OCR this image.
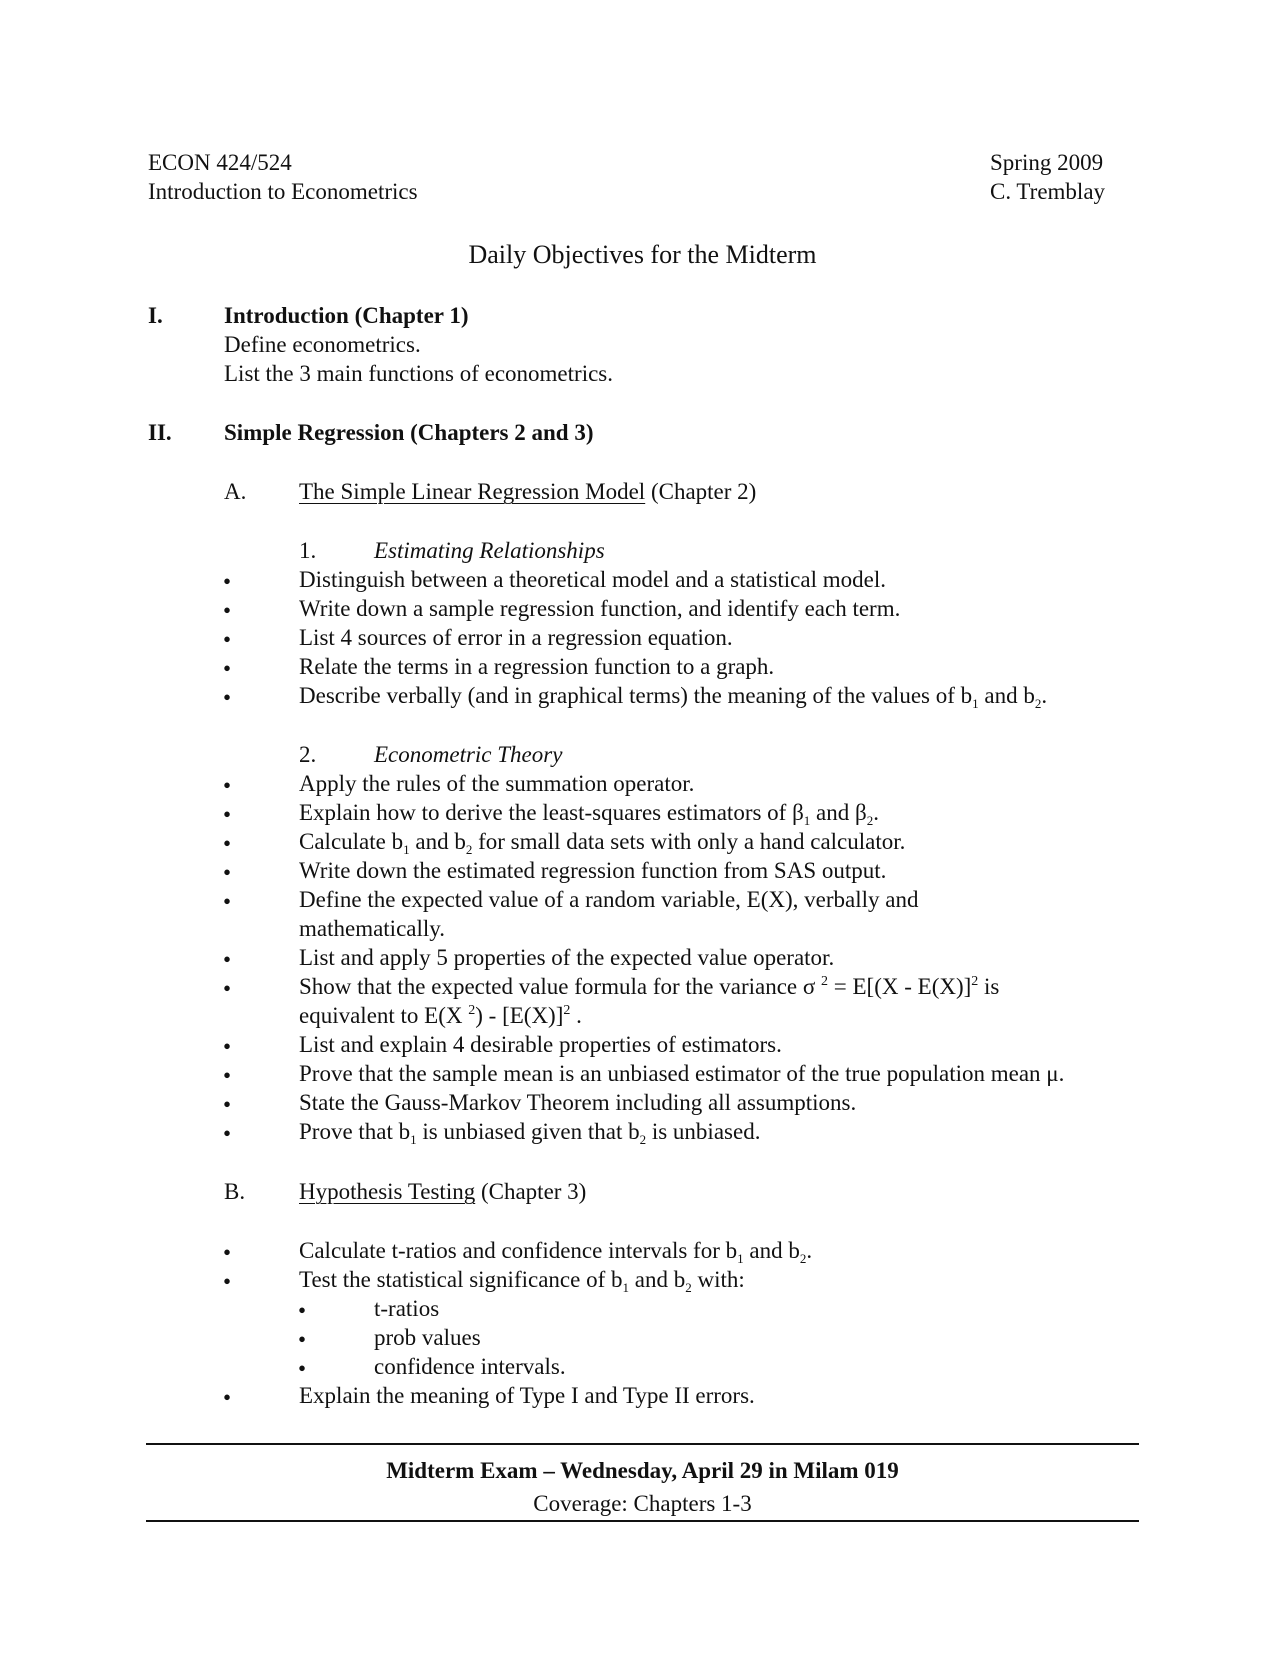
ECON 424/524
Introduction to Econometrics
Spring 2009
C. Tremblay
Daily Objectives for the Midterm
I.	Introduction (Chapter 1)
Define econometrics.
List the 3 main functions of econometrics.
II. Simple Regression (Chapters 2 and 3)
A. The Simple Linear Regression Model (Chapter 2)
1.	Estimating Relationships
•	Distinguish between a theoretical model and a statistical model.
•	Write down a sample regression function, and identify each term.
•	List 4 sources of error in a regression equation.
•	Relate the terms in a regression function to a graph.
•	Describe verbally (and in graphical terms) the meaning of the values of $b_1$ and $b_2$.
2.	Econometric Theory
•	Apply the rules of the summation operator.
•	Explain how to derive the least-squares estimators of $\beta_1$ and $\beta_2$.
•	Calculate $b_1$ and $b_2$ for small data sets with only a hand calculator.
•	Write down the estimated regression function from SAS output.
•	Define the expected value of a random variable, E(X), verbally and
mathematically.
•	List and apply 5 properties of the expected value operator.
•	Show that the expected value formula for the variance σ $^2$ = E[(X - E(X)]$^2$ is
equivalent to E(X $^2) - [E(X)]^2$ .
•	List and explain 4 desirable properties of estimators.
•	Prove that the sample mean is an unbiased estimator of the true population mean μ.
•	State the Gauss-Markov Theorem including all assumptions.
•	Prove that $b_1$ is unbiased given that $b_2$ is unbiased.
B. Hypothesis Testing (Chapter 3)
•	Calculate t-ratios and confidence intervals for $b_1$ and $b_2$.
•	Test the statistical significance of $b_1$ and $b_2$ with:
•	t-ratios
•	prob values
•	confidence intervals.
•	Explain the meaning of Type I and Type II errors.
Midterm Exam – Wednesday, April 29 in Milam 019
Coverage: Chapters 1-3
